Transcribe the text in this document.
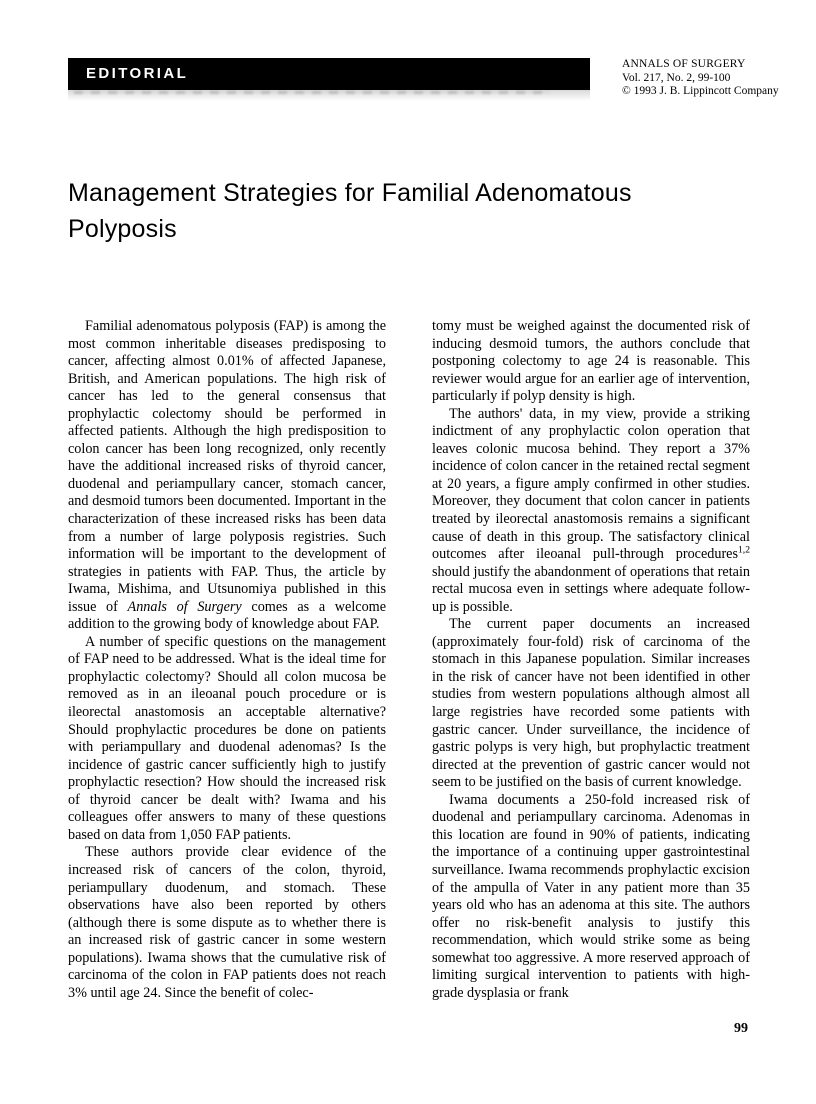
EDITORIAL
ANNALS OF SURGERY
Vol. 217, No. 2, 99-100
© 1993 J. B. Lippincott Company
Management Strategies for Familial Adenomatous Polyposis

Familial adenomatous polyposis (FAP) is among the most common inheritable diseases predisposing to cancer, affecting almost 0.01% of affected Japanese, British, and American populations. The high risk of cancer has led to the general consensus that prophylactic colectomy should be performed in affected patients. Although the high predisposition to colon cancer has been long recognized, only recently have the additional increased risks of thyroid cancer, duodenal and periampullary cancer, stomach cancer, and desmoid tumors been documented. Important in the characterization of these increased risks has been data from a number of large polyposis registries. Such information will be important to the development of strategies in patients with FAP. Thus, the article by Iwama, Mishima, and Utsunomiya published in this issue of Annals of Surgery comes as a welcome addition to the growing body of knowledge about FAP.

A number of specific questions on the management of FAP need to be addressed. What is the ideal time for prophylactic colectomy? Should all colon mucosa be removed as in an ileoanal pouch procedure or is ileorectal anastomosis an acceptable alternative? Should prophylactic procedures be done on patients with periampullary and duodenal adenomas? Is the incidence of gastric cancer sufficiently high to justify prophylactic resection? How should the increased risk of thyroid cancer be dealt with? Iwama and his colleagues offer answers to many of these questions based on data from 1,050 FAP patients.

These authors provide clear evidence of the increased risk of cancers of the colon, thyroid, periampullary duodenum, and stomach. These observations have also been reported by others (although there is some dispute as to whether there is an increased risk of gastric cancer in some western populations). Iwama shows that the cumulative risk of carcinoma of the colon in FAP patients does not reach 3% until age 24. Since the benefit of colec-

tomy must be weighed against the documented risk of inducing desmoid tumors, the authors conclude that postponing colectomy to age 24 is reasonable. This reviewer would argue for an earlier age of intervention, particularly if polyp density is high.

The authors' data, in my view, provide a striking indictment of any prophylactic colon operation that leaves colonic mucosa behind. They report a 37% incidence of colon cancer in the retained rectal segment at 20 years, a figure amply confirmed in other studies. Moreover, they document that colon cancer in patients treated by ileorectal anastomosis remains a significant cause of death in this group. The satisfactory clinical outcomes after ileoanal pull-through procedures$^{1,2}$ should justify the abandonment of operations that retain rectal mucosa even in settings where adequate follow-up is possible.

The current paper documents an increased (approximately four-fold) risk of carcinoma of the stomach in this Japanese population. Similar increases in the risk of cancer have not been identified in other studies from western populations although almost all large registries have recorded some patients with gastric cancer. Under surveillance, the incidence of gastric polyps is very high, but prophylactic treatment directed at the prevention of gastric cancer would not seem to be justified on the basis of current knowledge.

Iwama documents a 250-fold increased risk of duodenal and periampullary carcinoma. Adenomas in this location are found in 90% of patients, indicating the importance of a continuing upper gastrointestinal surveillance. Iwama recommends prophylactic excision of the ampulla of Vater in any patient more than 35 years old who has an adenoma at this site. The authors offer no risk-benefit analysis to justify this recommendation, which would strike some as being somewhat too aggressive. A more reserved approach of limiting surgical intervention to patients with high-grade dysplasia or frank

99
